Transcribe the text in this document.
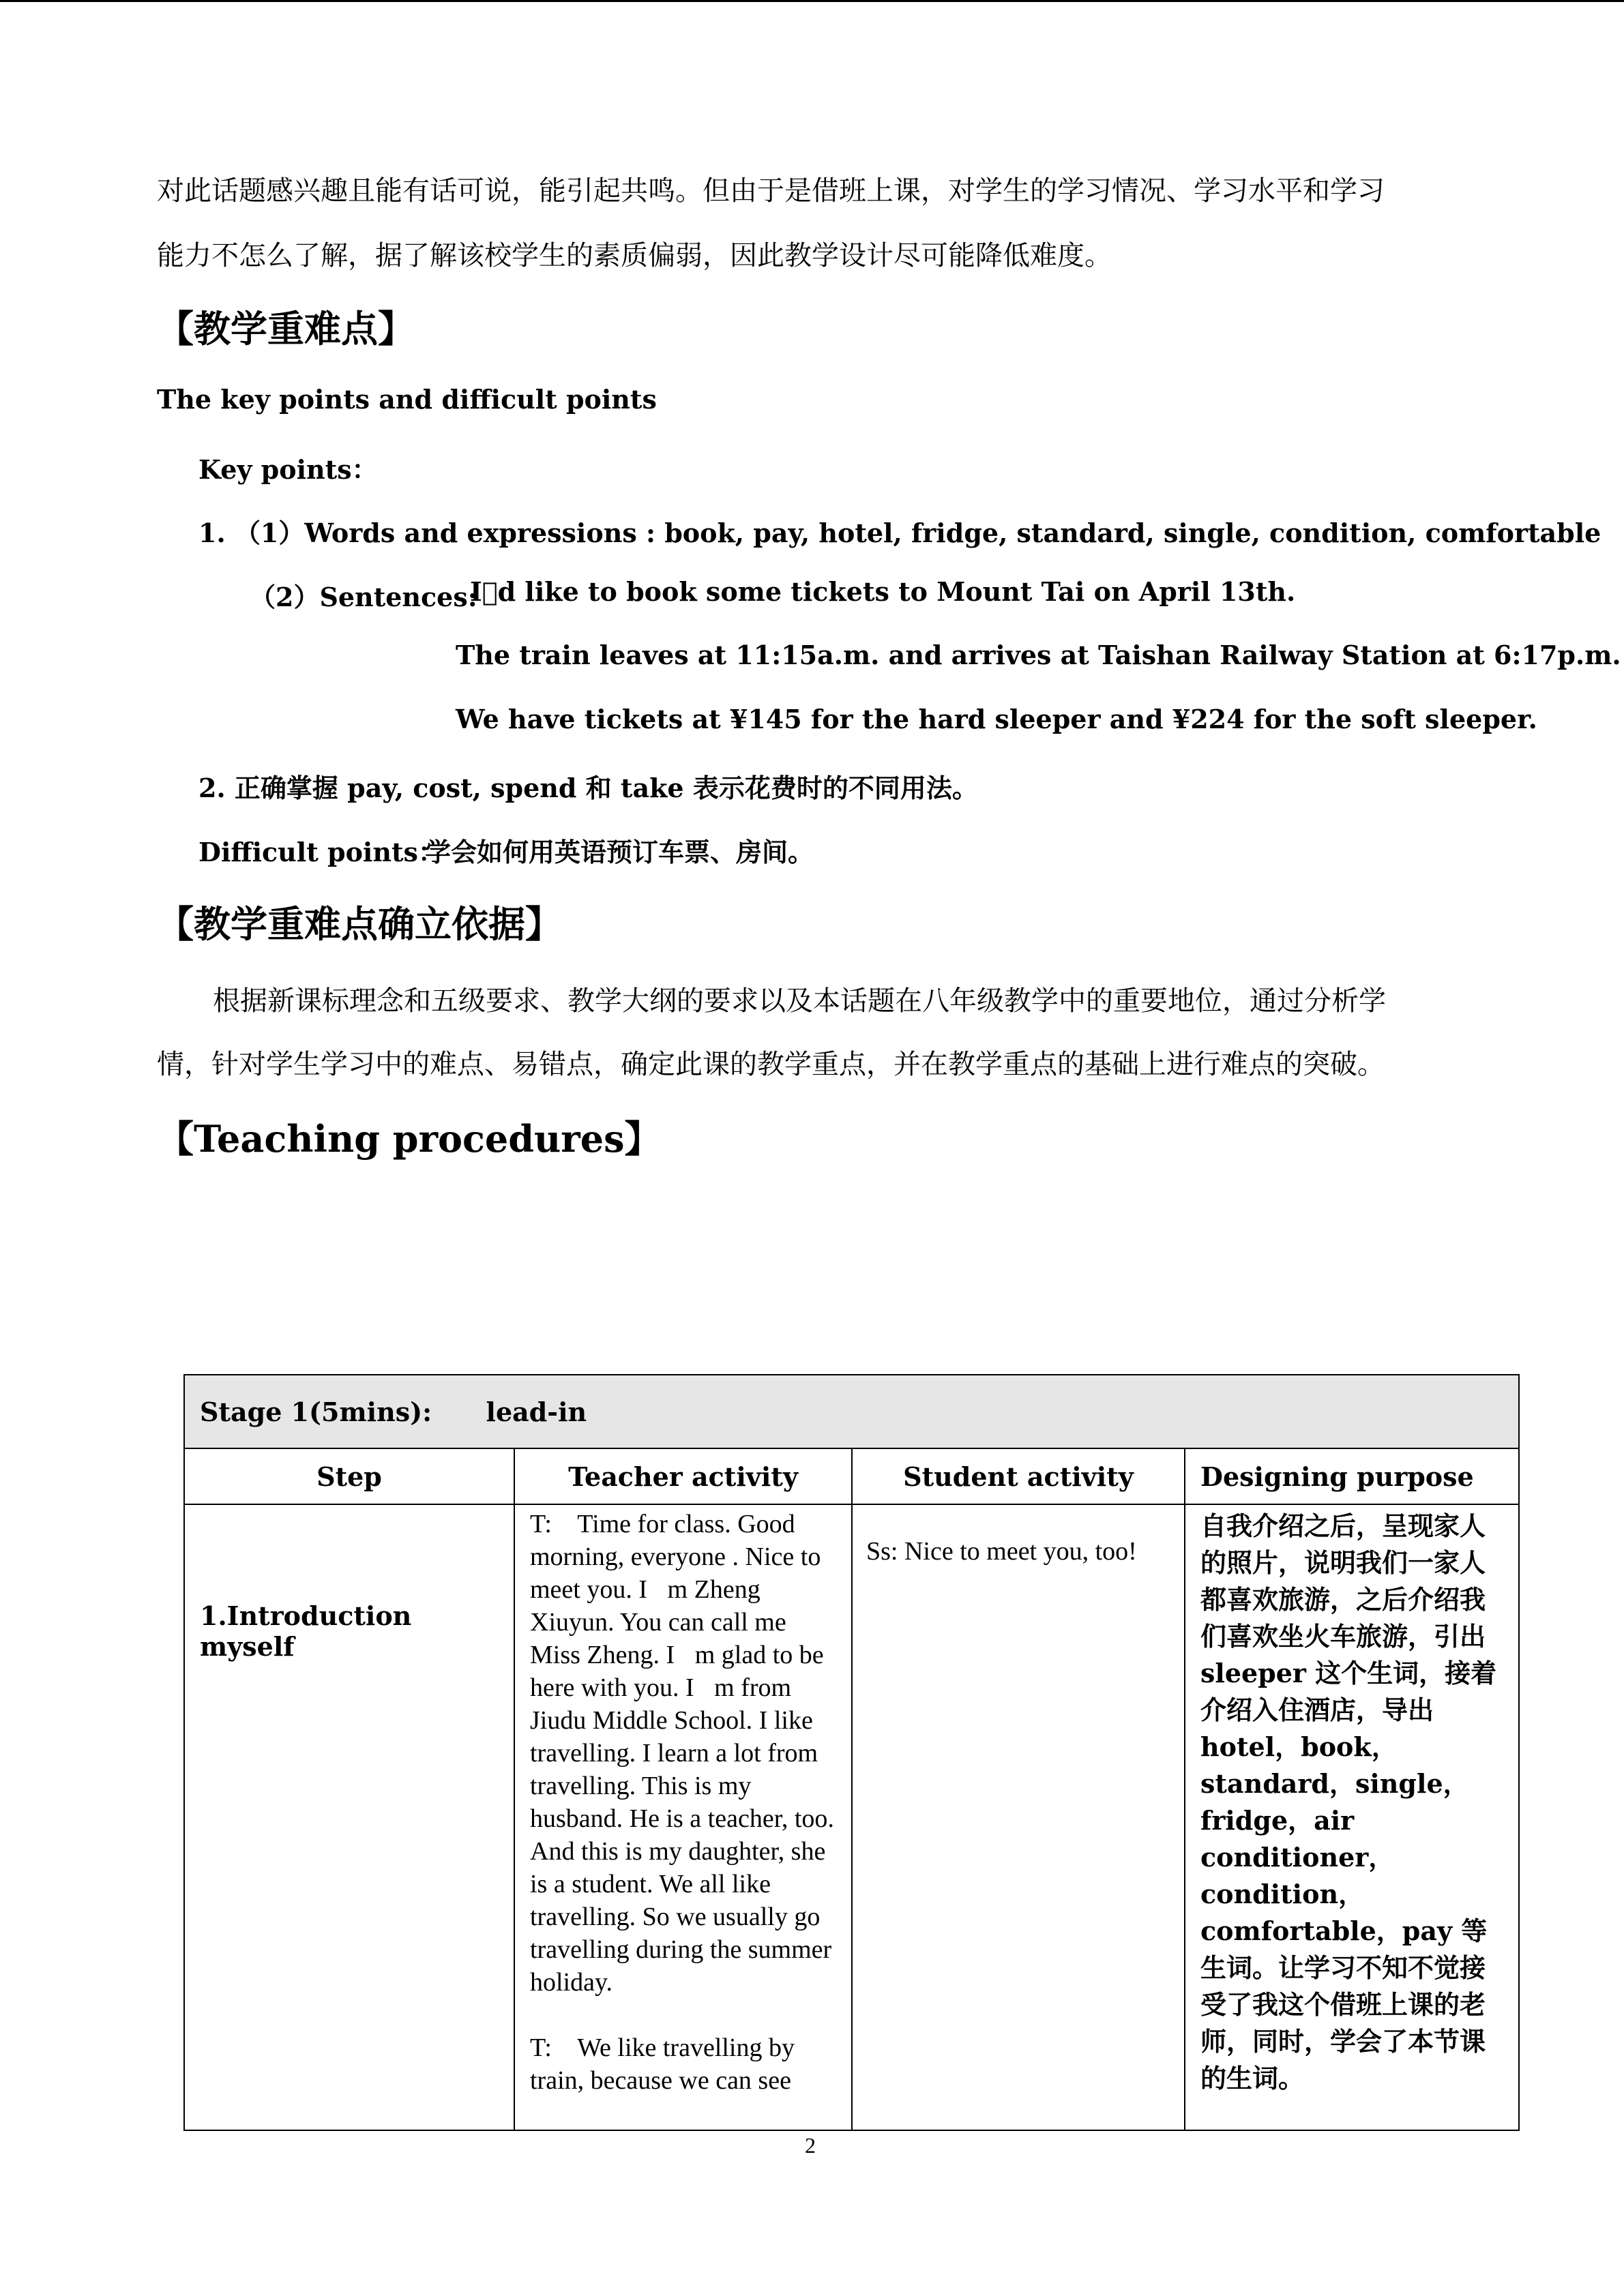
对此话题感兴趣且能有话可说，能引起共鸣。但由于是借班上课，对学生的学习情况、学习水平和学习
能力不怎么了解，据了解该校学生的素质偏弱，因此教学设计尽可能降低难度。
【教学重难点】
The key points and difficult points
Key points：
1. （1）Words and expressions : book, pay, hotel, fridge, standard, single, condition, comfortable
（2）Sentences:
I􀀀d like to book some tickets to Mount Tai on April 13th.
The train leaves at 11:15a.m. and arrives at Taishan Railway Station at 6:17p.m.
We have tickets at ¥145 for the hard sleeper and ¥224 for the soft sleeper.
2. 正确掌握 pay, cost, spend 和 take 表示花费时的不同用法。
Difficult points：
学会如何用英语预订车票、房间。
【教学重难点确立依据】
根据新课标理念和五级要求、教学大纲的要求以及本话题在八年级教学中的重要地位，通过分析学
情，针对学生学习中的难点、易错点，确定此课的教学重点，并在教学重点的基础上进行难点的突破。
【Teaching procedures】
Stage 1(5mins):      lead-in			
Step	Teacher activity	Student activity	Designing purpose
1.Introduction myself	T:    Time for class. Good morning, everyone . Nice to meet you. I􀀀m Zheng Xiuyun. You can call me Miss Zheng. I􀀀m glad to be here with you. I􀀀m from Jiudu Middle School. I like travelling. I learn a lot from travelling. This is my husband. He is a teacher, too. And this is my daughter, she is a student. We all like travelling. So we usually go travelling during the summer holiday.

T:    We like travelling by train, because we can see	Ss: Nice to meet you, too!	自我介绍之后，呈现家人的照片，说明我们一家人都喜欢旅游，之后介绍我们喜欢坐火车旅游，引出 sleeper 这个生词，接着介绍入住酒店，导出 hotel，book，standard，single，fridge，air conditioner，condition，comfortable，pay 等生词。让学习不知不觉接受了我这个借班上课的老师，同时，学会了本节课的生词。
2
